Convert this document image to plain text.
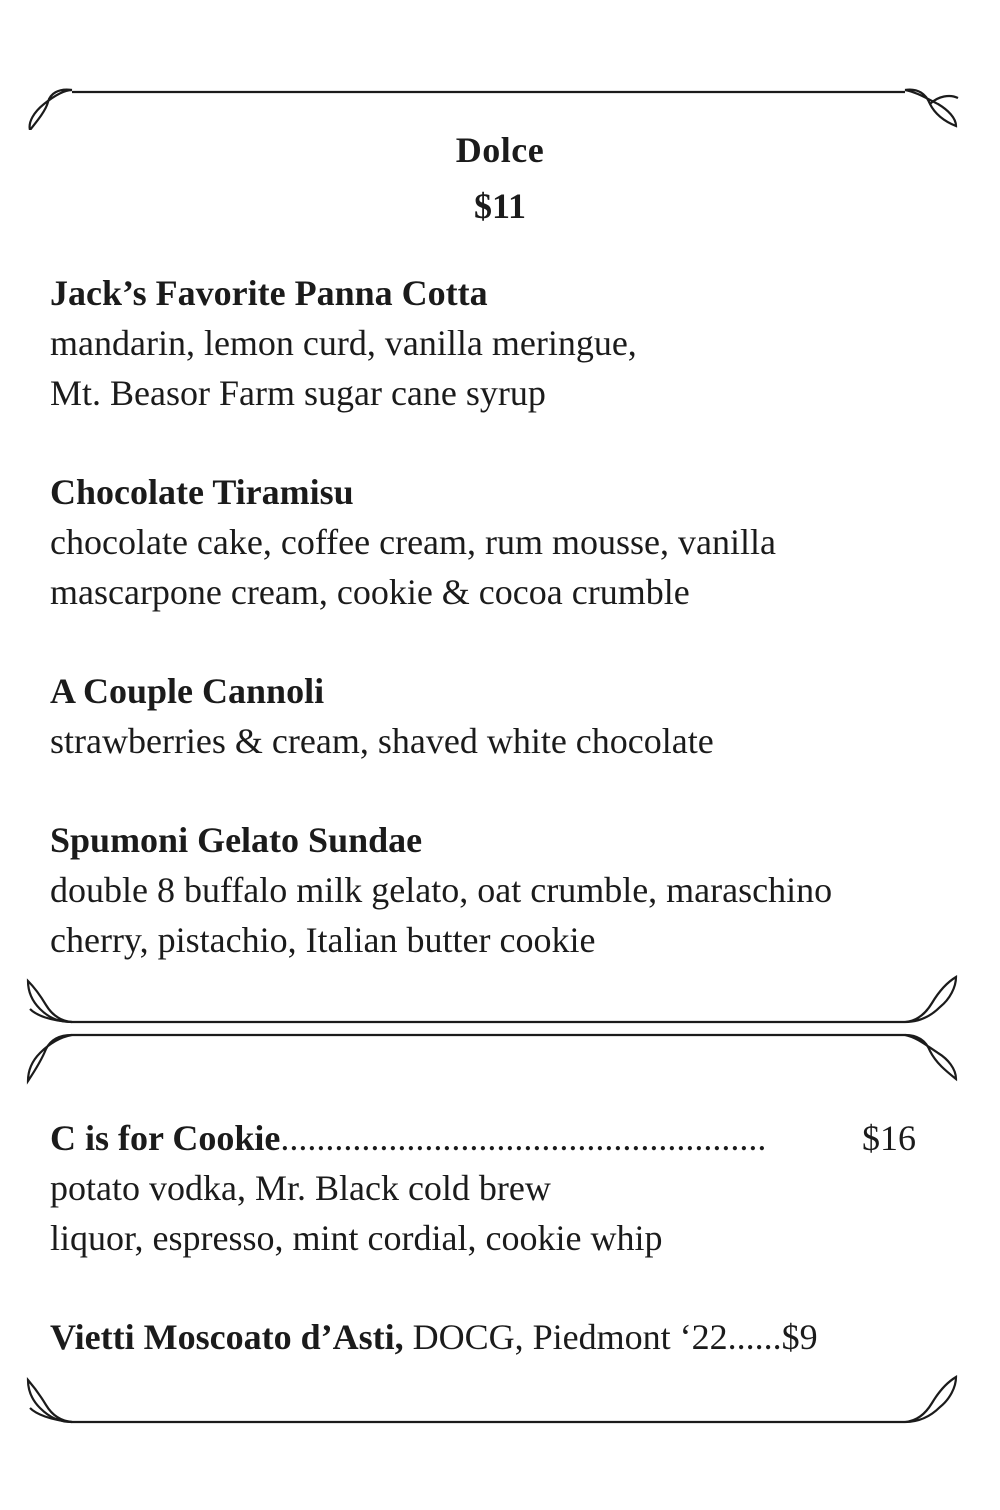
Dolce
$11
Jack’s Favorite Panna Cotta
mandarin, lemon curd, vanilla meringue,
Mt. Beasor Farm sugar cane syrup
Chocolate Tiramisu
chocolate cake, coffee cream, rum mousse, vanilla
mascarpone cream, cookie & cocoa crumble
A Couple Cannoli
strawberries & cream, shaved white chocolate
Spumoni Gelato Sundae
double 8 buffalo milk gelato, oat crumble, maraschino
cherry, pistachio, Italian butter cookie
C is for Cookie ......................................................	$16
potato vodka, Mr. Black cold brew
liquor, espresso, mint cordial, cookie whip
Vietti Moscoato d’Asti, DOCG, Piedmont ‘22......$9
